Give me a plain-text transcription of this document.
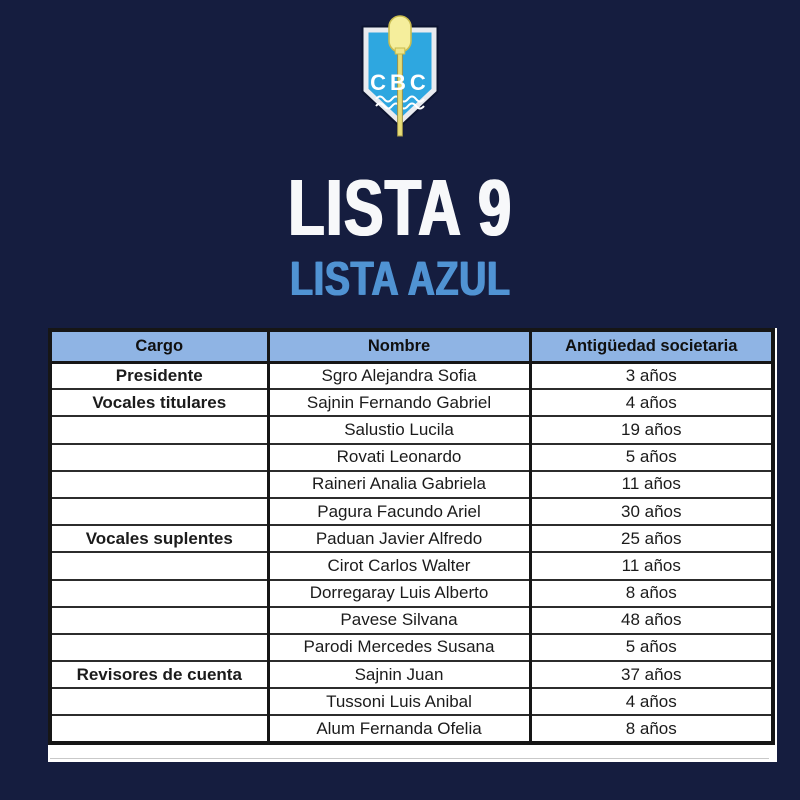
CBC
LISTA 9
LISTA AZUL
Cargo	Nombre	Antigüedad societaria
Presidente	Sgro Alejandra Sofia	3 años
Vocales titulares	Sajnin Fernando Gabriel	4 años
	Salustio Lucila	19 años
	Rovati Leonardo	5 años
	Raineri Analia Gabriela	11 años
	Pagura Facundo Ariel	30 años
Vocales suplentes	Paduan Javier Alfredo	25 años
	Cirot Carlos Walter	11 años
	Dorregaray Luis Alberto	8 años
	Pavese Silvana	48 años
	Parodi Mercedes Susana	5 años
Revisores de cuenta	Sajnin Juan	37 años
	Tussoni Luis Anibal	4 años
	Alum Fernanda Ofelia	8 años
